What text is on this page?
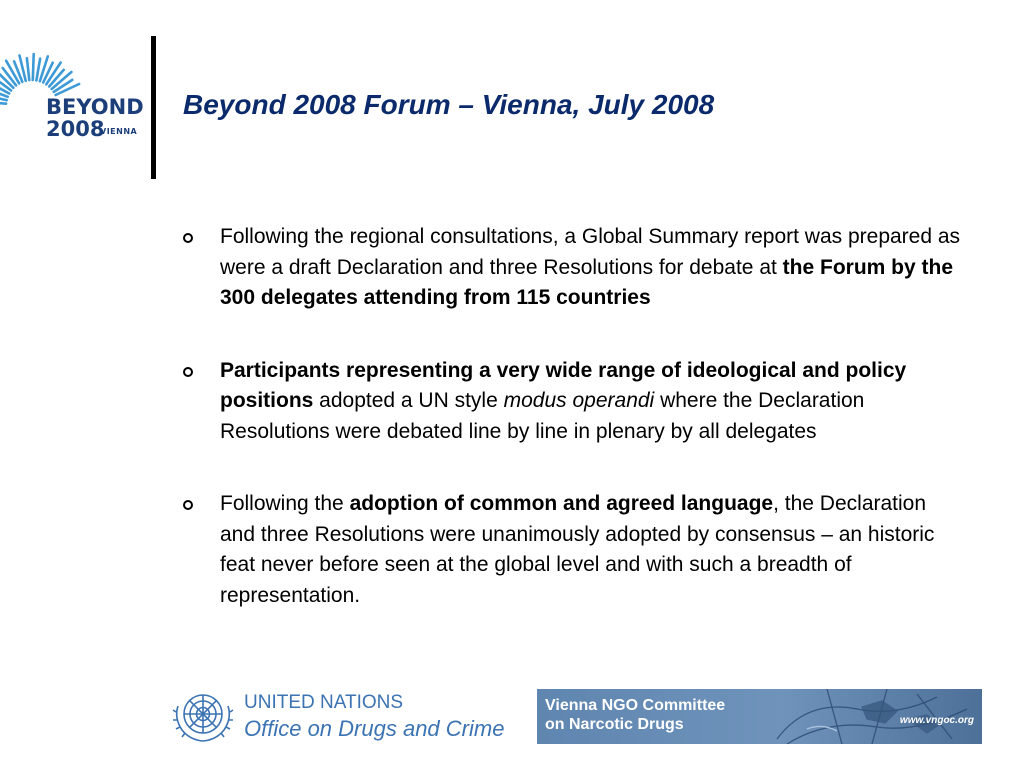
BEYOND
2008
VIENNA
Beyond 2008 Forum – Vienna, July 2008
Following the regional consultations, a Global Summary report was prepared as were a draft Declaration and three Resolutions for debate at the Forum by the 300 delegates attending from 115 countries
Participants representing a very wide range of ideological and policy positions adopted a UN style modus operandi where the Declaration Resolutions were debated line by line in plenary by all delegates
Following the adoption of common and agreed language, the Declaration and three Resolutions were unanimously adopted by consensus – an historic feat never before seen at the global level and with such a breadth of representation.
UNITED NATIONS
Office on Drugs and Crime
Vienna NGO Committee
on Narcotic Drugs	www.vngoc.org
